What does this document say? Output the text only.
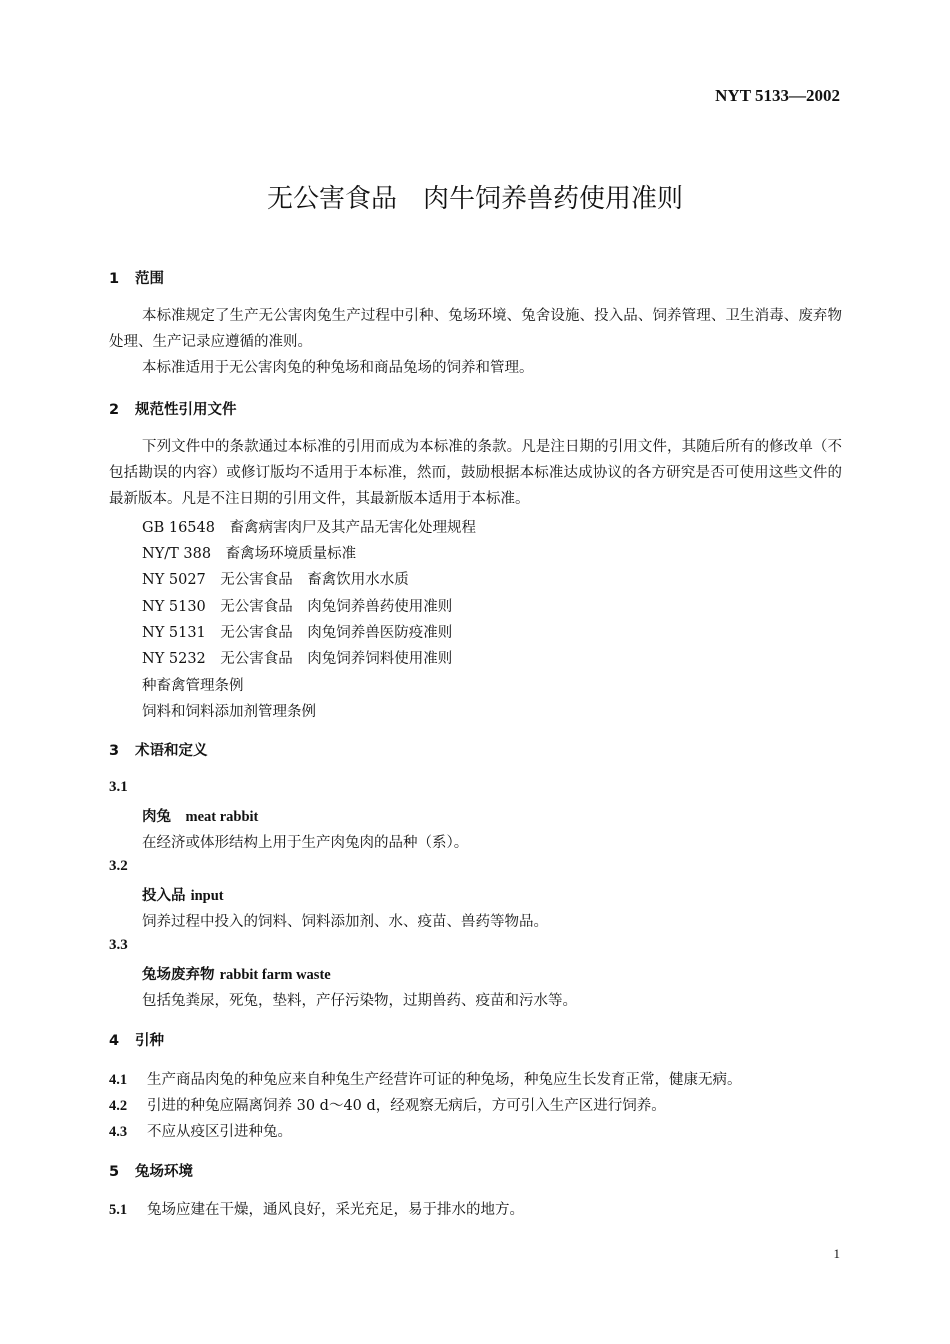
NYT 5133—2002
无公害食品　肉牛饲养兽药使用准则
1 范围
本标准规定了生产无公害肉兔生产过程中引种、兔场环境、兔舍设施、投入品、饲养管理、卫生消毒、废弃物处理、生产记录应遵循的准则。
本标准适用于无公害肉兔的种兔场和商品兔场的饲养和管理。
2 规范性引用文件
下列文件中的条款通过本标准的引用而成为本标准的条款。凡是注日期的引用文件，其随后所有的修改单（不包括勘误的内容）或修订版均不适用于本标准，然而，鼓励根据本标准达成协议的各方研究是否可使用这些文件的最新版本。凡是不注日期的引用文件，其最新版本适用于本标准。
GB 16548　畜禽病害肉尸及其产品无害化处理规程
NY/T 388　畜禽场环境质量标准
NY 5027　无公害食品　畜禽饮用水水质
NY 5130　无公害食品　肉兔饲养兽药使用准则
NY 5131　无公害食品　肉兔饲养兽医防疫准则
NY 5232　无公害食品　肉兔饲养饲料使用准则
种畜禽管理条例
饲料和饲料添加剂管理条例
3 术语和定义
3.1
肉兔　 meat rabbit
在经济或体形结构上用于生产肉兔肉的品种（系）。
3.2
投入品 input
饲养过程中投入的饲料、饲料添加剂、水、疫苗、兽药等物品。
3.3
兔场废弃物 rabbit farm waste
包括兔粪尿，死兔，垫料，产仔污染物，过期兽药、疫苗和污水等。
4 引种
4.1 生产商品肉兔的种兔应来自种兔生产经营许可证的种兔场，种兔应生长发育正常，健康无病。
4.2 引进的种兔应隔离饲养 30 d～40 d，经观察无病后，方可引入生产区进行饲养。
4.3 不应从疫区引进种兔。
5 兔场环境
5.1 兔场应建在干燥，通风良好，采光充足，易于排水的地方。
1
